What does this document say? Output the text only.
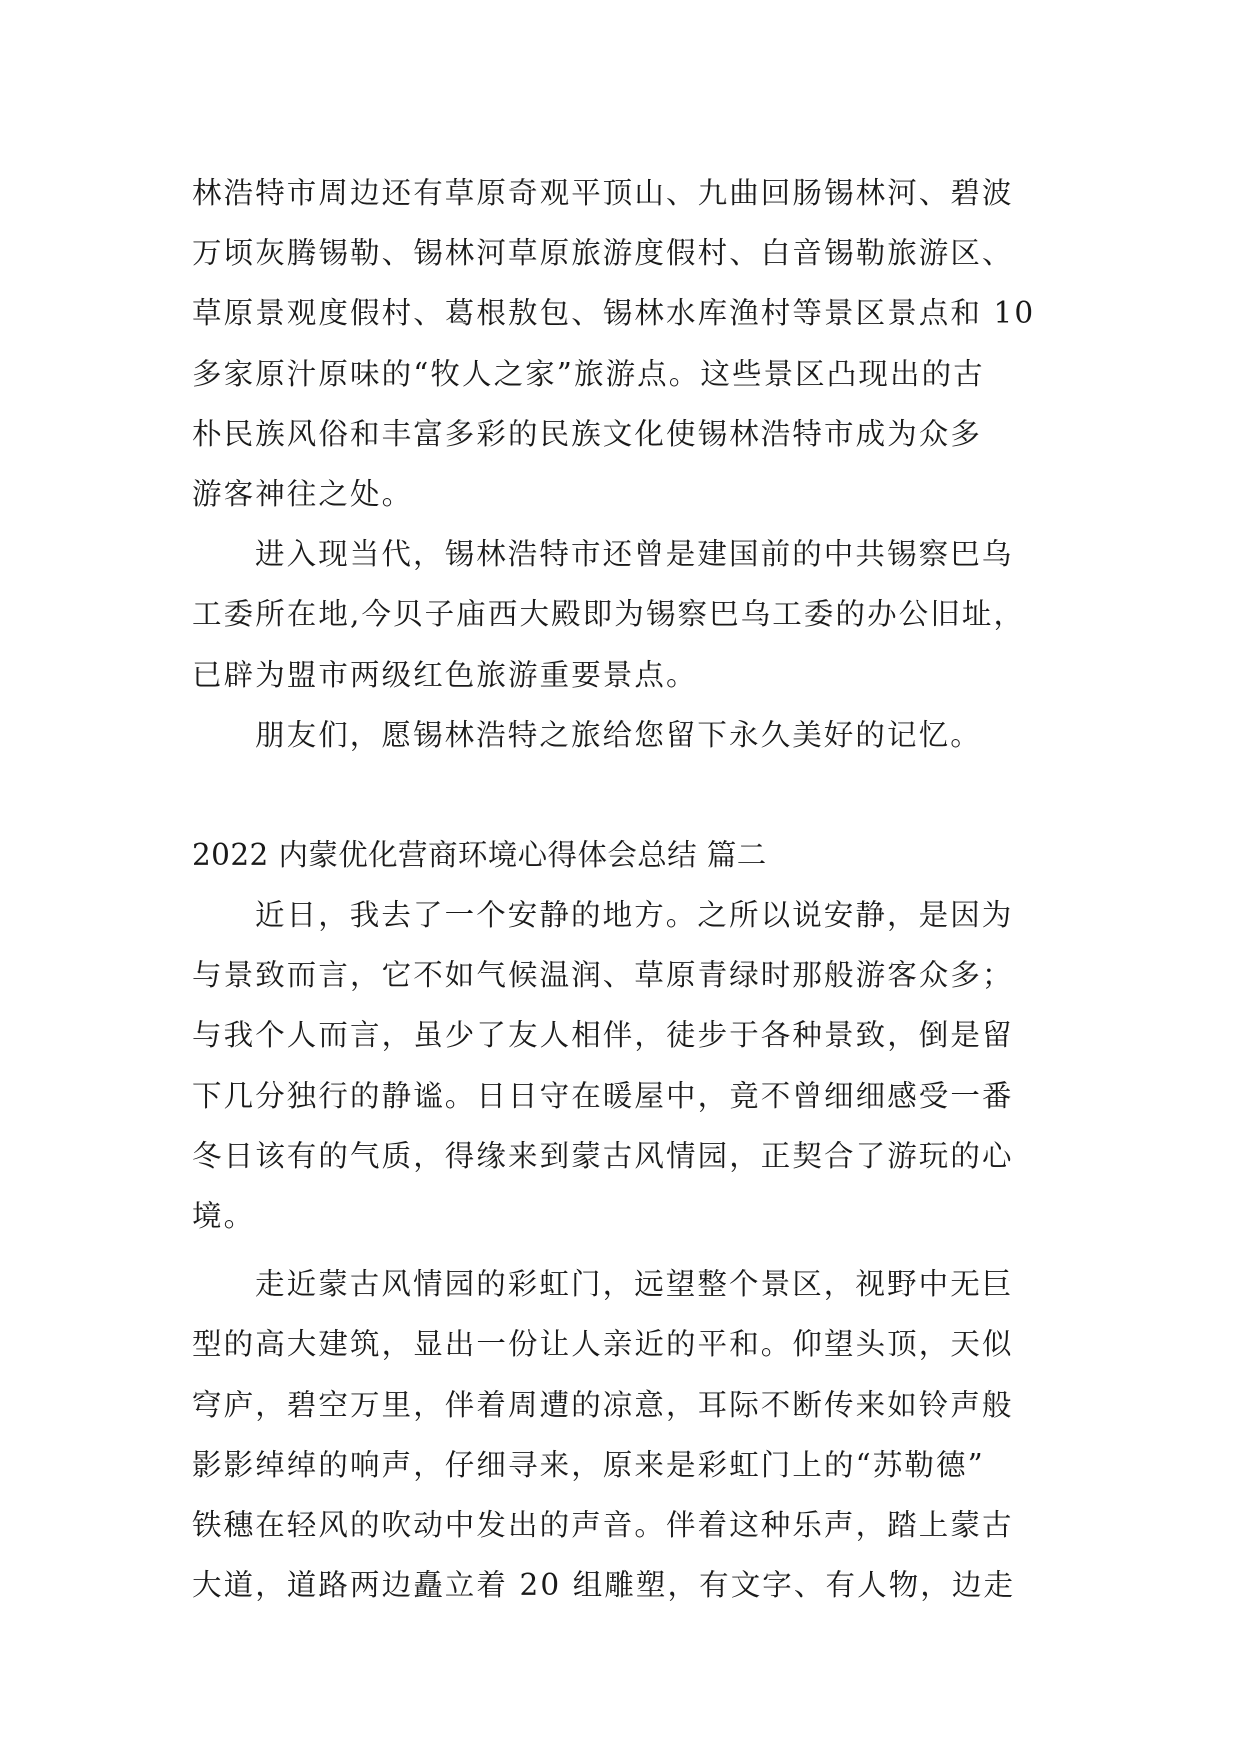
林浩特市周边还有草原奇观平顶山、九曲回肠锡林河、碧波
万顷灰腾锡勒、锡林河草原旅游度假村、白音锡勒旅游区、
草原景观度假村、葛根敖包、锡林水库渔村等景区景点和 10
多家原汁原味的“牧人之家”旅游点。这些景区凸现出的古
朴民族风俗和丰富多彩的民族文化使锡林浩特市成为众多
游客神往之处。
进入现当代，锡林浩特市还曾是建国前的中共锡察巴乌
工委所在地,今贝子庙西大殿即为锡察巴乌工委的办公旧址，
已辟为盟市两级红色旅游重要景点。
朋友们，愿锡林浩特之旅给您留下永久美好的记忆。
2022 内蒙优化营商环境心得体会总结 篇二
近日，我去了一个安静的地方。之所以说安静，是因为
与景致而言，它不如气候温润、草原青绿时那般游客众多；
与我个人而言，虽少了友人相伴，徒步于各种景致，倒是留
下几分独行的静谧。日日守在暖屋中，竟不曾细细感受一番
冬日该有的气质，得缘来到蒙古风情园，正契合了游玩的心
境。
走近蒙古风情园的彩虹门，远望整个景区，视野中无巨
型的高大建筑，显出一份让人亲近的平和。仰望头顶，天似
穹庐，碧空万里，伴着周遭的凉意，耳际不断传来如铃声般
影影绰绰的响声，仔细寻来，原来是彩虹门上的“苏勒德”
铁穗在轻风的吹动中发出的声音。伴着这种乐声，踏上蒙古
大道，道路两边矗立着 20 组雕塑，有文字、有人物，边走
